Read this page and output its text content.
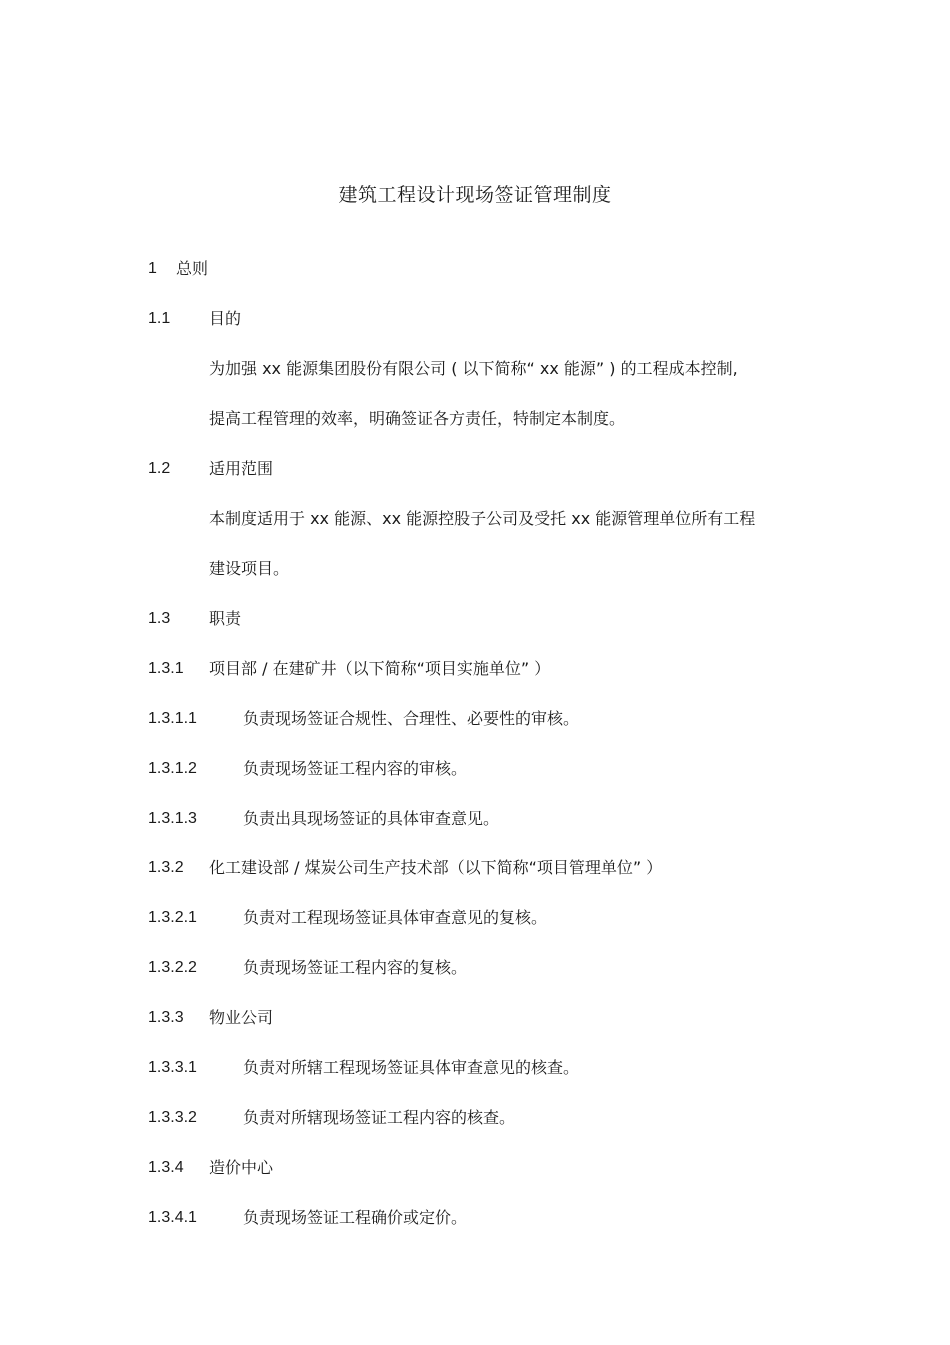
建筑工程设计现场签证管理制度
1 总则
1.1 目的
为加强 xx 能源集团股份有限公司 ( 以下简称“ xx 能源” ) 的工程成本控制,
提高工程管理的效率，明确签证各方责任，特制定本制度。
1.2 适用范围
本制度适用于 xx 能源、xx 能源控股子公司及受托 xx 能源管理单位所有工程
建设项目。
1.3 职责
1.3.1 项目部 / 在建矿井（以下简称“项目实施单位” ）
1.3.1.1	负责现场签证合规性、合理性、必要性的审核。
1.3.1.2	负责现场签证工程内容的审核。
1.3.1.3	负责出具现场签证的具体审查意见。
1.3.2 化工建设部 / 煤炭公司生产技术部（以下简称“项目管理单位” ）
1.3.2.1	负责对工程现场签证具体审查意见的复核。
1.3.2.2	负责现场签证工程内容的复核。
1.3.3 物业公司
1.3.3.1	负责对所辖工程现场签证具体审查意见的核查。
1.3.3.2	负责对所辖现场签证工程内容的核查。
1.3.4 造价中心
1.3.4.1	负责现场签证工程确价或定价。
